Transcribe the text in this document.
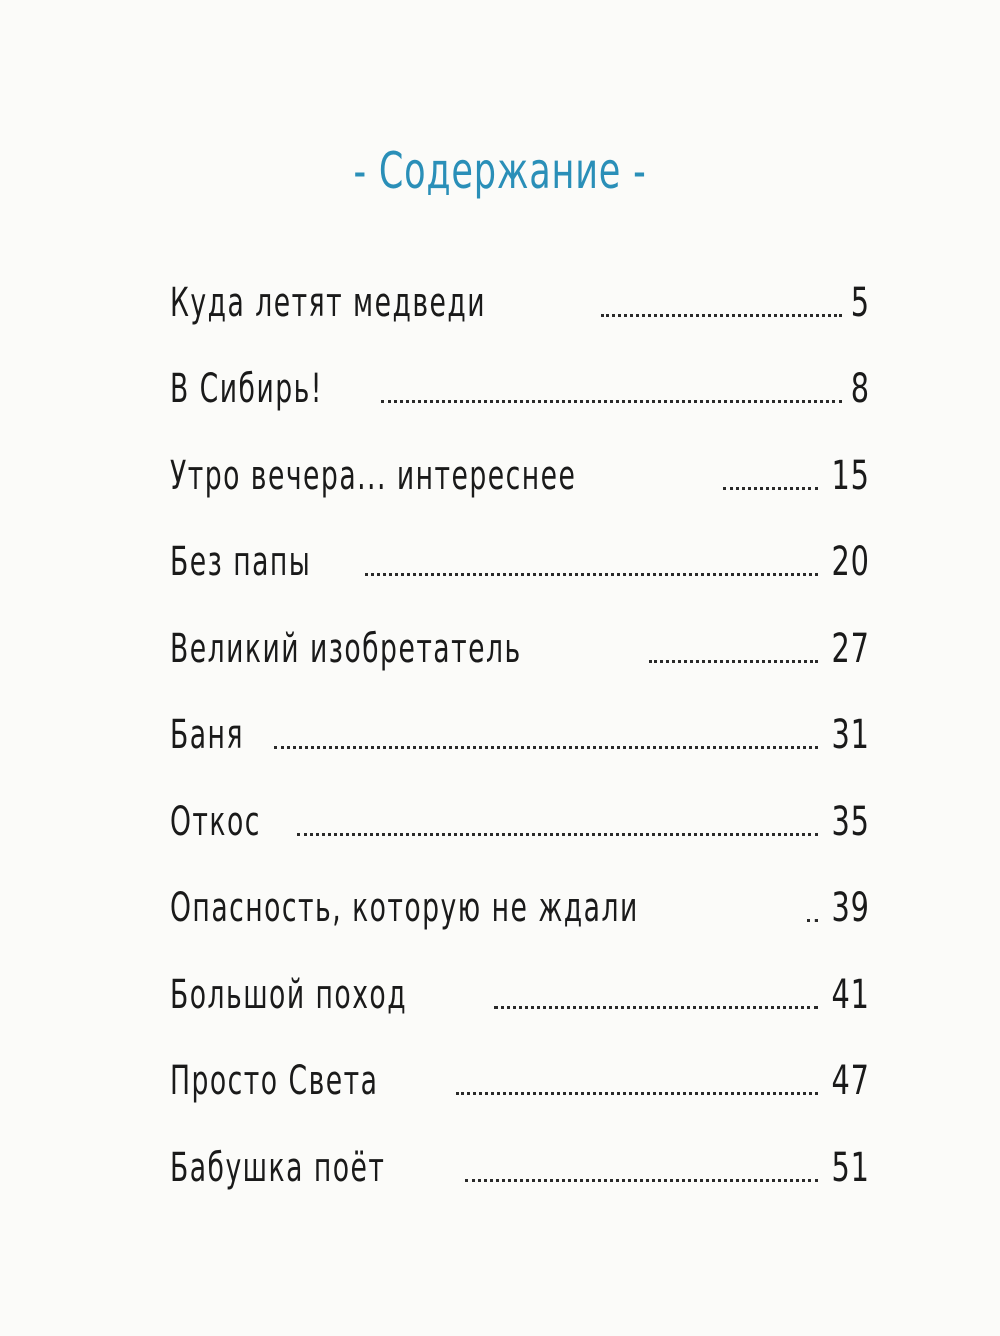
- Содержание -
Куда летят медведи	5
В Сибирь!	8
Утро вечера... интереснее	15
Без папы	20
Великий изобретатель	27
Баня	31
Откос	35
Опасность, которую не ждали	39
Большой поход	41
Просто Света	47
Бабушка поёт	51
